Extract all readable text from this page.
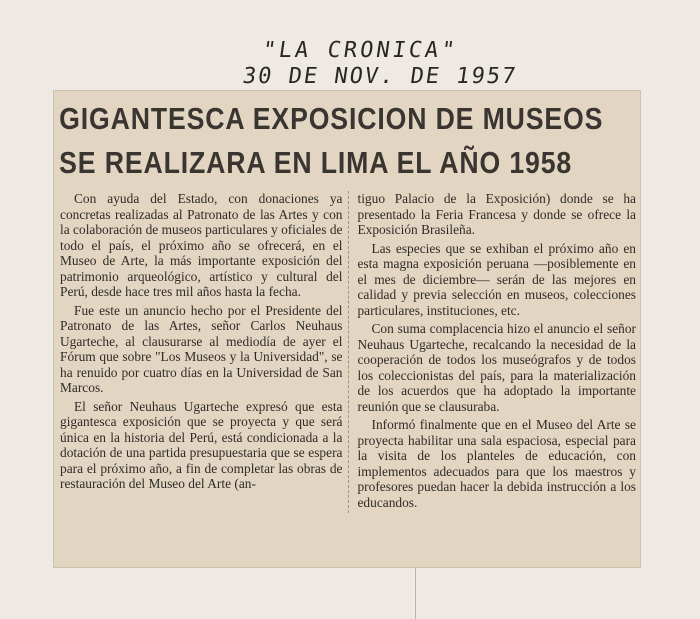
"LA CRONICA"
30 DE NOV. DE 1957
GIGANTESCA EXPOSICION DE MUSEOS
SE REALIZARA EN LIMA EL AÑO 1958

Con ayuda del Estado, con donaciones ya concretas realizadas al Patronato de las Artes y con la colaboración de museos particulares y oficiales de todo el país, el próximo año se ofrecerá, en el Museo de Arte, la más importante exposición del patrimonio arqueológico, artístico y cultural del Perú, desde hace tres mil años hasta la fecha.

Fue este un anuncio hecho por el Presidente del Patronato de las Artes, señor Carlos Neuhaus Ugarteche, al clausurarse al mediodía de ayer el Fórum que sobre "Los Museos y la Universidad", se ha renuido por cuatro días en la Universidad de San Marcos.

El señor Neuhaus Ugarteche expresó que esta gigantesca exposición que se proyecta y que será única en la historia del Perú, está condicionada a la dotación de una partida presupuestaria que se espera para el próximo año, a fin de completar las obras de restauración del Museo del Arte (an-

tiguo Palacio de la Exposición) donde se ha presentado la Feria Francesa y donde se ofrece la Exposición Brasileña.

Las especies que se exhiban el próximo año en esta magna exposición peruana —posiblemente en el mes de diciembre— serán de las mejores en calidad y previa selección en museos, colecciones particulares, instituciones, etc.

Con suma complacencia hizo el anuncio el señor Neuhaus Ugarteche, recalcando la necesidad de la cooperación de todos los museógrafos y de todos los coleccionistas del país, para la materialización de los acuerdos que ha adoptado la importante reunión que se clausuraba.

Informó finalmente que en el Museo del Arte se proyecta habilitar una sala espaciosa, especial para la visita de los planteles de educación, con implementos adecuados para que los maestros y profesores puedan hacer la debida instrucción a los educandos.
